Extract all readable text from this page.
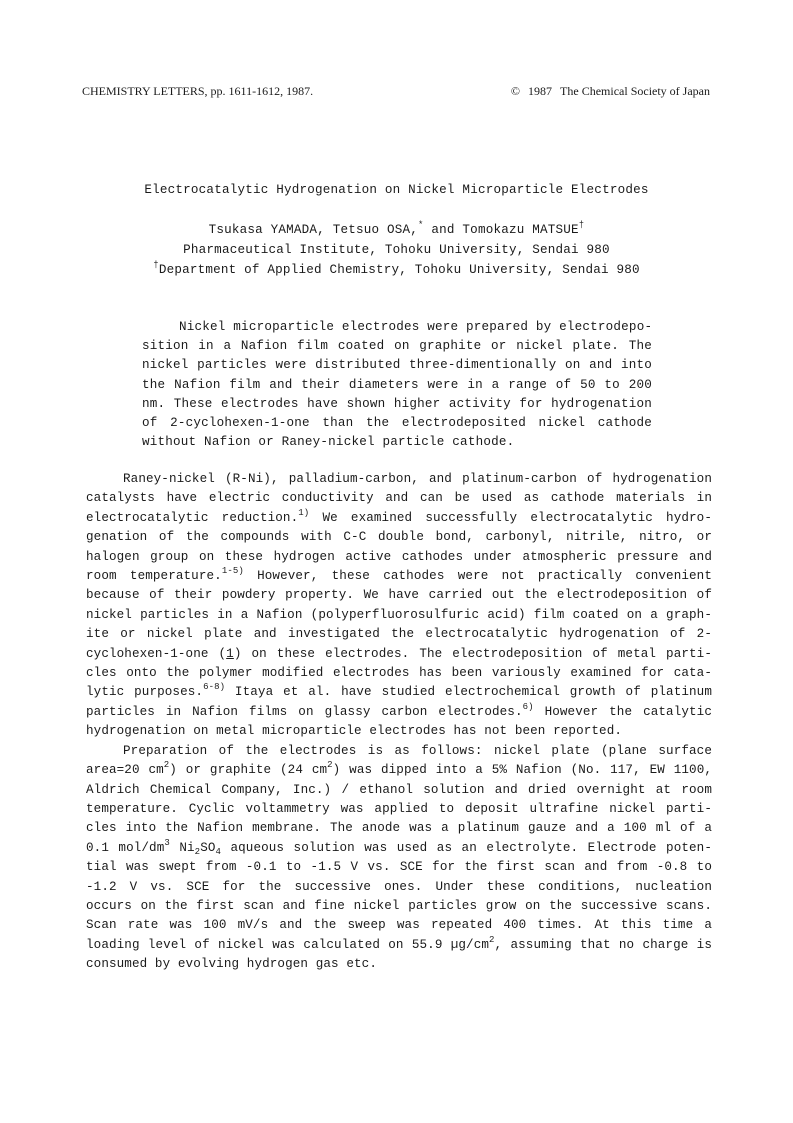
CHEMISTRY LETTERS, pp. 1611-1612, 1987.	© 1987 The Chemical Society of Japan
Electrocatalytic Hydrogenation on Nickel Microparticle Electrodes
Tsukasa YAMADA, Tetsuo OSA,* and Tomokazu MATSUE†
Pharmaceutical Institute, Tohoku University, Sendai 980
†Department of Applied Chemistry, Tohoku University, Sendai 980
Nickel microparticle electrodes were prepared by electrodepo-
sition in a Nafion film coated on graphite or nickel plate. The
nickel particles were distributed three-dimentionally on and into
the Nafion film and their diameters were in a range of 50 to 200
nm. These electrodes have shown higher activity for hydrogenation
of 2-cyclohexen-1-one than the electrodeposited nickel cathode
without Nafion or Raney-nickel particle cathode.
Raney-nickel (R-Ni), palladium-carbon, and platinum-carbon of hydrogenation
catalysts have electric conductivity and can be used as cathode materials in
electrocatalytic reduction.$^{1)}$ We examined successfully electrocatalytic hydro-
genation of the compounds with C-C double bond, carbonyl, nitrile, nitro, or
halogen group on these hydrogen active cathodes under atmospheric pressure and
room temperature.$^{1-5)}$ However, these cathodes were not practically convenient
because of their powdery property. We have carried out the electrodeposition of
nickel particles in a Nafion (polyperfluorosulfuric acid) film coated on a graph-
ite or nickel plate and investigated the electrocatalytic hydrogenation of 2-
cyclohexen-1-one (1) on these electrodes. The electrodeposition of metal parti-
cles onto the polymer modified electrodes has been variously examined for cata-
lytic purposes.$^{6-8)}$ Itaya et al. have studied electrochemical growth of platinum
particles in Nafion films on glassy carbon electrodes.$^{6)}$ However the catalytic
hydrogenation on metal microparticle electrodes has not been reported.
Preparation of the electrodes is as follows: nickel plate (plane surface
area=20 $cm^2$) or graphite (24 $cm^2$) was dipped into a 5% Nafion (No. 117, EW 1100,
Aldrich Chemical Company, Inc.) / ethanol solution and dried overnight at room
temperature. Cyclic voltammetry was applied to deposit ultrafine nickel parti-
cles into the Nafion membrane. The anode was a platinum gauze and a 100 ml of a
0.1 mol/$dm^3$ $Ni_2SO_4$ aqueous solution was used as an electrolyte. Electrode poten-
tial was swept from -0.1 to -1.5 V vs. SCE for the first scan and from -0.8 to
-1.2 V vs. SCE for the successive ones. Under these conditions, nucleation
occurs on the first scan and fine nickel particles grow on the successive scans.
Scan rate was 100 mV/s and the sweep was repeated 400 times. At this time a
loading level of nickel was calculated on 55.9 $\mu g/cm^2$, assuming that no charge is
consumed by evolving hydrogen gas etc.
